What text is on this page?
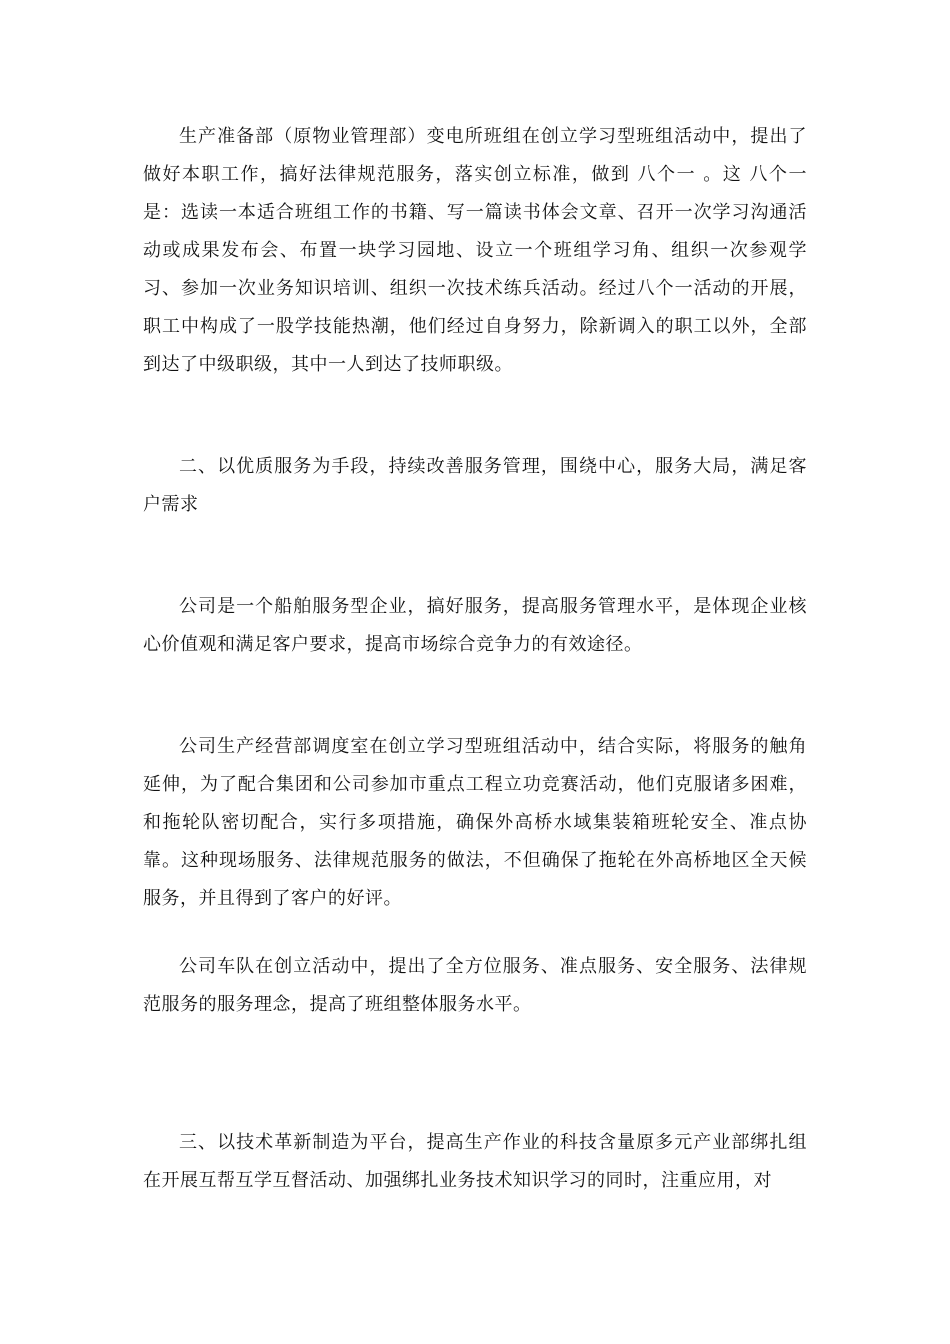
生产准备部（原物业管理部）变电所班组在创立学习型班组活动中，提出了做好本职工作，搞好法律规范服务，落实创立标准，做到 八个一 。这 八个一是：选读一本适合班组工作的书籍、写一篇读书体会文章、召开一次学习沟通活动或成果发布会、布置一块学习园地、设立一个班组学习角、组织一次参观学习、参加一次业务知识培训、组织一次技术练兵活动。经过八个一活动的开展，职工中构成了一股学技能热潮，他们经过自身努力，除新调入的职工以外，全部到达了中级职级，其中一人到达了技师职级。

二、以优质服务为手段，持续改善服务管理，围绕中心，服务大局，满足客户需求

公司是一个船舶服务型企业，搞好服务，提高服务管理水平，是体现企业核心价值观和满足客户要求，提高市场综合竞争力的有效途径。

公司生产经营部调度室在创立学习型班组活动中，结合实际，将服务的触角延伸，为了配合集团和公司参加市重点工程立功竞赛活动，他们克服诸多困难，和拖轮队密切配合，实行多项措施，确保外高桥水域集装箱班轮安全、准点协靠。这种现场服务、法律规范服务的做法，不但确保了拖轮在外高桥地区全天候服务，并且得到了客户的好评。

公司车队在创立活动中，提出了全方位服务、准点服务、安全服务、法律规范服务的服务理念，提高了班组整体服务水平。

三、以技术革新制造为平台，提高生产作业的科技含量原多元产业部绑扎组在开展互帮互学互督活动、加强绑扎业务技术知识学习的同时，注重应用，对
